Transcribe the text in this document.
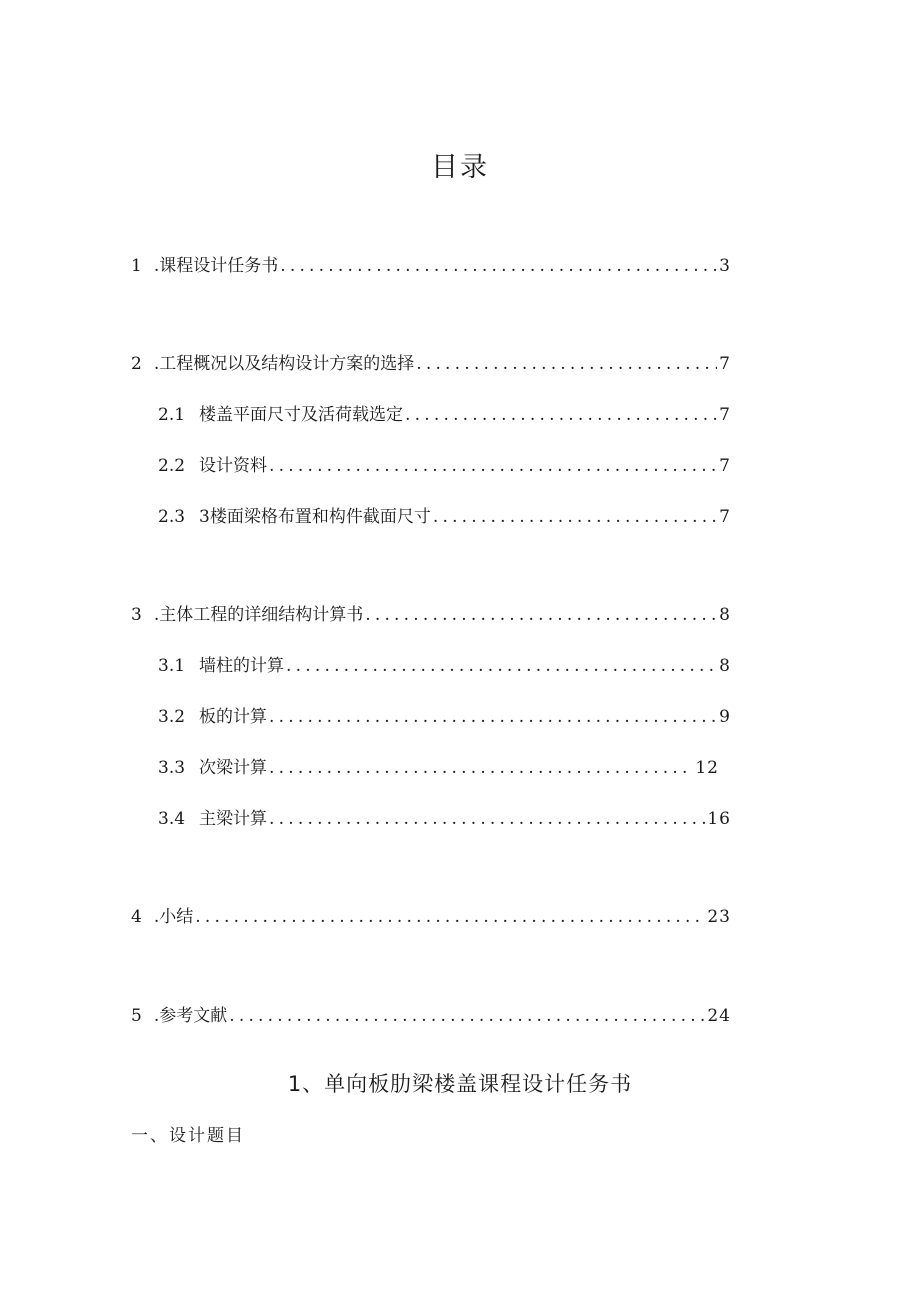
目录
1 .课程设计任务书 .....	3
2 .工程概况以及结构设计方案的选择 .....	7
2.1 楼盖平面尺寸及活荷载选定 .....	7
2.2 设计资料 .....	7
2.3 3楼面梁格布置和构件截面尺寸 .....	7
3 .主体工程的详细结构计算书 .....	8
3.1 墙柱的计算 .....	8
3.2 板的计算 .....	9
3.3 次梁计算 .....	12
3.4 主梁计算 .....	16
4 .小结 .....	23
5 .参考文献 .....	24
1、单向板肋梁楼盖课程设计任务书
一、设计题目
